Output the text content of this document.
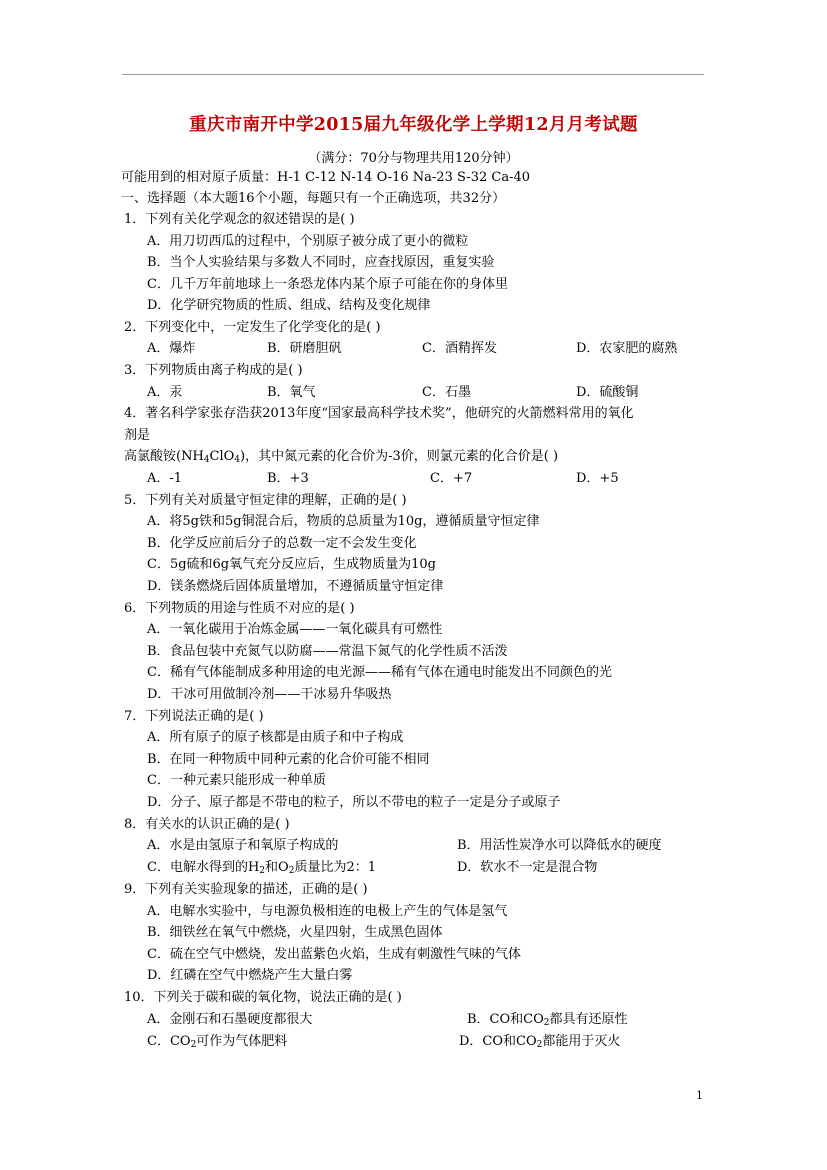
重庆市南开中学2015届九年级化学上学期12月月考试题
（满分：70分与物理共用120分钟）
可能用到的相对原子质量：H-1 C-12 N-14 O-16 Na-23 S-32 Ca-40
一、选择题（本大题16个小题，每题只有一个正确选项，共32分）
1．下列有关化学观念的叙述错误的是( )
A．用刀切西瓜的过程中，个别原子被分成了更小的微粒
B．当个人实验结果与多数人不同时，应查找原因，重复实验
C．几千万年前地球上一条恐龙体内某个原子可能在你的身体里
D．化学研究物质的性质、组成、结构及变化规律
2．下列变化中，一定发生了化学变化的是( )
A．爆炸	B．研磨胆矾	C．酒精挥发	D．农家肥的腐熟
3．下列物质由离子构成的是( )
A．汞	B．氧气	C．石墨	D．硫酸铜
4．著名科学家张存浩获2013年度“国家最高科学技术奖”，他研究的火箭燃料常用的氧化
剂是
高氯酸铵$(NH_4ClO_4)$，其中氮元素的化合价为-3价，则氯元素的化合价是( )
A．-1	B．+3	C．+7	D．+5
5．下列有关对质量守恒定律的理解，正确的是( )
A．将5g铁和5g铜混合后，物质的总质量为10g，遵循质量守恒定律
B．化学反应前后分子的总数一定不会发生变化
C．5g硫和6g氧气充分反应后，生成物质量为10g
D．镁条燃烧后固体质量增加，不遵循质量守恒定律
6．下列物质的用途与性质不对应的是( )
A．一氧化碳用于冶炼金属——一氧化碳具有可燃性
B．食品包装中充氮气以防腐——常温下氮气的化学性质不活泼
C．稀有气体能制成多种用途的电光源——稀有气体在通电时能发出不同颜色的光
D．干冰可用做制冷剂——干冰易升华吸热
7．下列说法正确的是( )
A．所有原子的原子核都是由质子和中子构成
B．在同一种物质中同种元素的化合价可能不相同
C．一种元素只能形成一种单质
D．分子、原子都是不带电的粒子，所以不带电的粒子一定是分子或原子
8．有关水的认识正确的是( )
A．水是由氢原子和氧原子构成的	B．用活性炭净水可以降低水的硬度
C．电解水得到的$H_2$和$O_2$质量比为2：1	D．软水不一定是混合物
9．下列有关实验现象的描述，正确的是( )
A．电解水实验中，与电源负极相连的电极上产生的气体是氢气
B．细铁丝在氧气中燃烧，火星四射，生成黑色固体
C．硫在空气中燃烧，发出蓝紫色火焰，生成有刺激性气味的气体
D．红磷在空气中燃烧产生大量白雾
10．下列关于碳和碳的氧化物，说法正确的是( )
A．金刚石和石墨硬度都很大	B．CO和$CO_2$都具有还原性
C．$CO_2$可作为气体肥料	D．CO和$CO_2$都能用于灭火
1
